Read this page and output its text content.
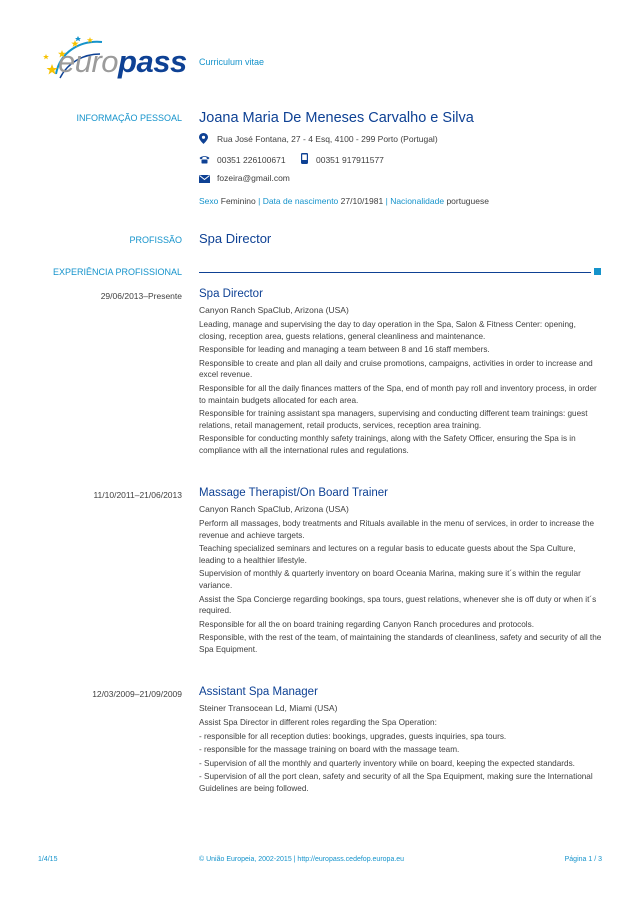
europass Curriculum vitae
INFORMAÇÃO PESSOAL Joana Maria De Meneses Carvalho e Silva
Rua José Fontana, 27 - 4 Esq, 4100 - 299 Porto (Portugal)
00351 226100671	00351 917911577
fozeira@gmail.com
Sexo Feminino | Data de nascimento 27/10/1981 | Nacionalidade portuguese
PROFISSÃO Spa Director
EXPERIÊNCIA PROFISSIONAL
29/06/2013–Presente Spa Director
Canyon Ranch SpaClub, Arizona (USA)
Leading, manage and supervising the day to day operation in the Spa, Salon & Fitness Center: opening, closing, reception area, guests relations, general cleanliness and maintenance.
Responsible for leading and managing a team between 8 and 16 staff members.
Responsible to create and plan all daily and cruise promotions, campaigns, activities in order to increase and excel revenue.
Responsible for all the daily finances matters of the Spa, end of month pay roll and inventory process, in order to maintain budgets allocated for each area.
Responsible for training assistant spa managers, supervising and conducting different team trainings: guest relations, retail management, retail products, services, reception area training.
Responsible for conducting monthly safety trainings, along with the Safety Officer, ensuring the Spa is in compliance with all the international rules and regulations.
11/10/2011–21/06/2013 Massage Therapist/On Board Trainer
Canyon Ranch SpaClub, Arizona (USA)
Perform all massages, body treatments and Rituals available in the menu of services, in order to increase the revenue and achieve targets.
Teaching specialized seminars and lectures on a regular basis to educate guests about the Spa Culture, leading to a healthier lifestyle.
Supervision of monthly & quarterly inventory on board Oceania Marina, making sure it´s within the regular variance.
Assist the Spa Concierge regarding bookings, spa tours, guest relations, whenever she is off duty or when it´s required.
Responsible for all the on board training regarding Canyon Ranch procedures and protocols.
Responsible, with the rest of the team, of maintaining the standards of cleanliness, safety and security of all the Spa Equipment.
12/03/2009–21/09/2009 Assistant Spa Manager
Steiner Transocean Ld, Miami (USA)
Assist Spa Director in different roles regarding the Spa Operation:
- responsible for all reception duties: bookings, upgrades, guests inquiries, spa tours.
- responsible for the massage training on board with the massage team.
- Supervision of all the monthly and quarterly inventory while on board, keeping the expected standards.
- Supervision of all the port clean, safety and security of all the Spa Equipment, making sure the International Guidelines are being followed.
1/4/15	© União Europeia, 2002-2015 | http://europass.cedefop.europa.eu	Página 1 / 3
